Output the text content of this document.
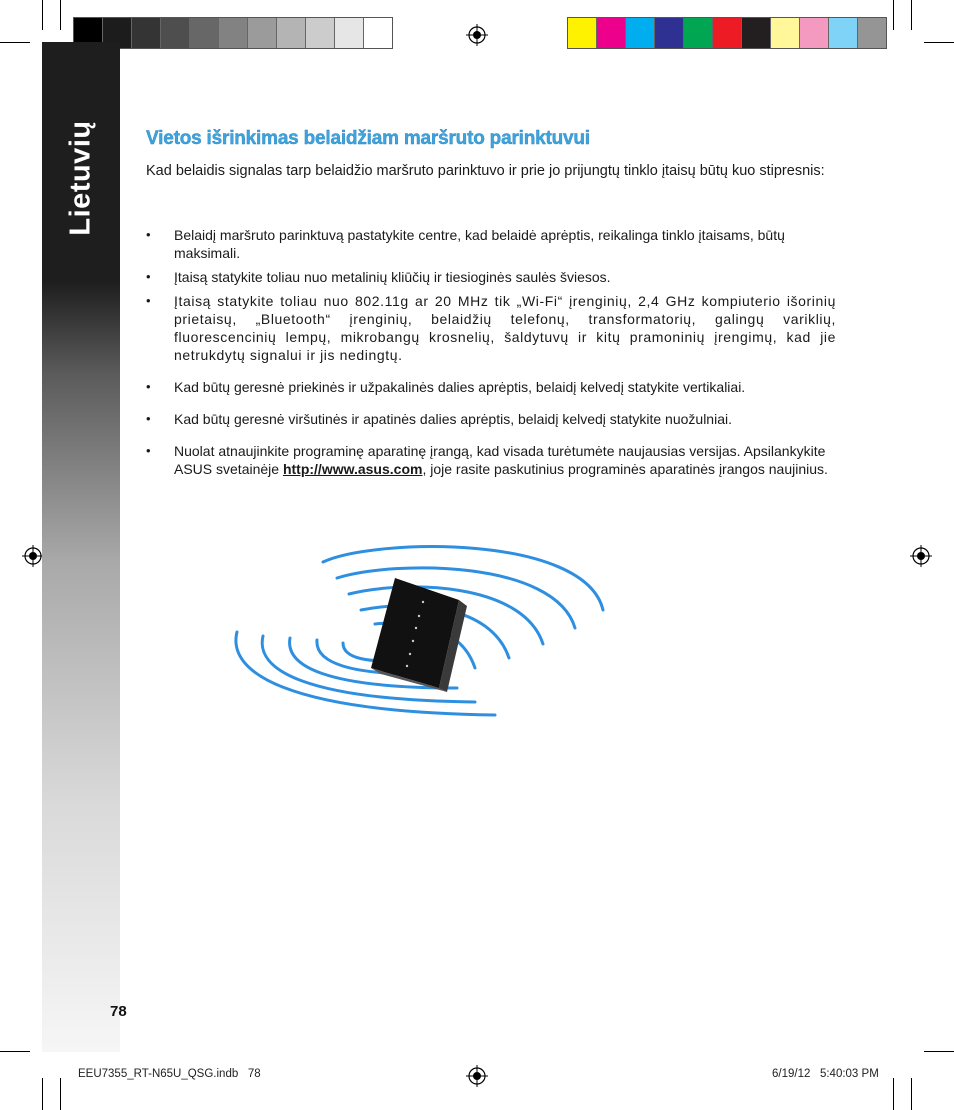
Lietuvių
78
Vietos išrinkimas belaidžiam maršruto parinktuvui

Kad belaidis signalas tarp belaidžio maršruto parinktuvo ir prie jo prijungtų tinklo įtaisų būtų kuo stipresnis:

• Belaidį maršruto parinktuvą pastatykite centre, kad belaidė aprėptis, reikalinga tinklo įtaisams, būtų maksimali.
• Įtaisą statykite toliau nuo metalinių kliūčių ir tiesioginės saulės šviesos.
• Įtaisą statykite toliau nuo 802.11g ar 20 MHz tik „Wi-Fi“ įrenginių, 2,4 GHz kompiuterio išorinių prietaisų, „Bluetooth“ įrenginių, belaidžių telefonų, transformatorių, galingų variklių, fluorescencinių lempų, mikrobangų krosnelių, šaldytuvų ir kitų pramoninių įrengimų, kad jie netrukdytų signalui ir jis nedingtų.
• Kad būtų geresnė priekinės ir užpakalinės dalies aprėptis, belaidį kelvedį statykite vertikaliai.
• Kad būtų geresnė viršutinės ir apatinės dalies aprėptis, belaidį kelvedį statykite nuožulniai.
• Nuolat atnaujinkite programinę aparatinę įrangą, kad visada turėtumėte naujausias versijas. Apsilankykite ASUS svetainėje http://www.asus.com, joje rasite paskutinius programinės aparatinės įrangos naujinius.
EEU7355_RT-N65U_QSG.indb   78	6/19/12   5:40:03 PM
